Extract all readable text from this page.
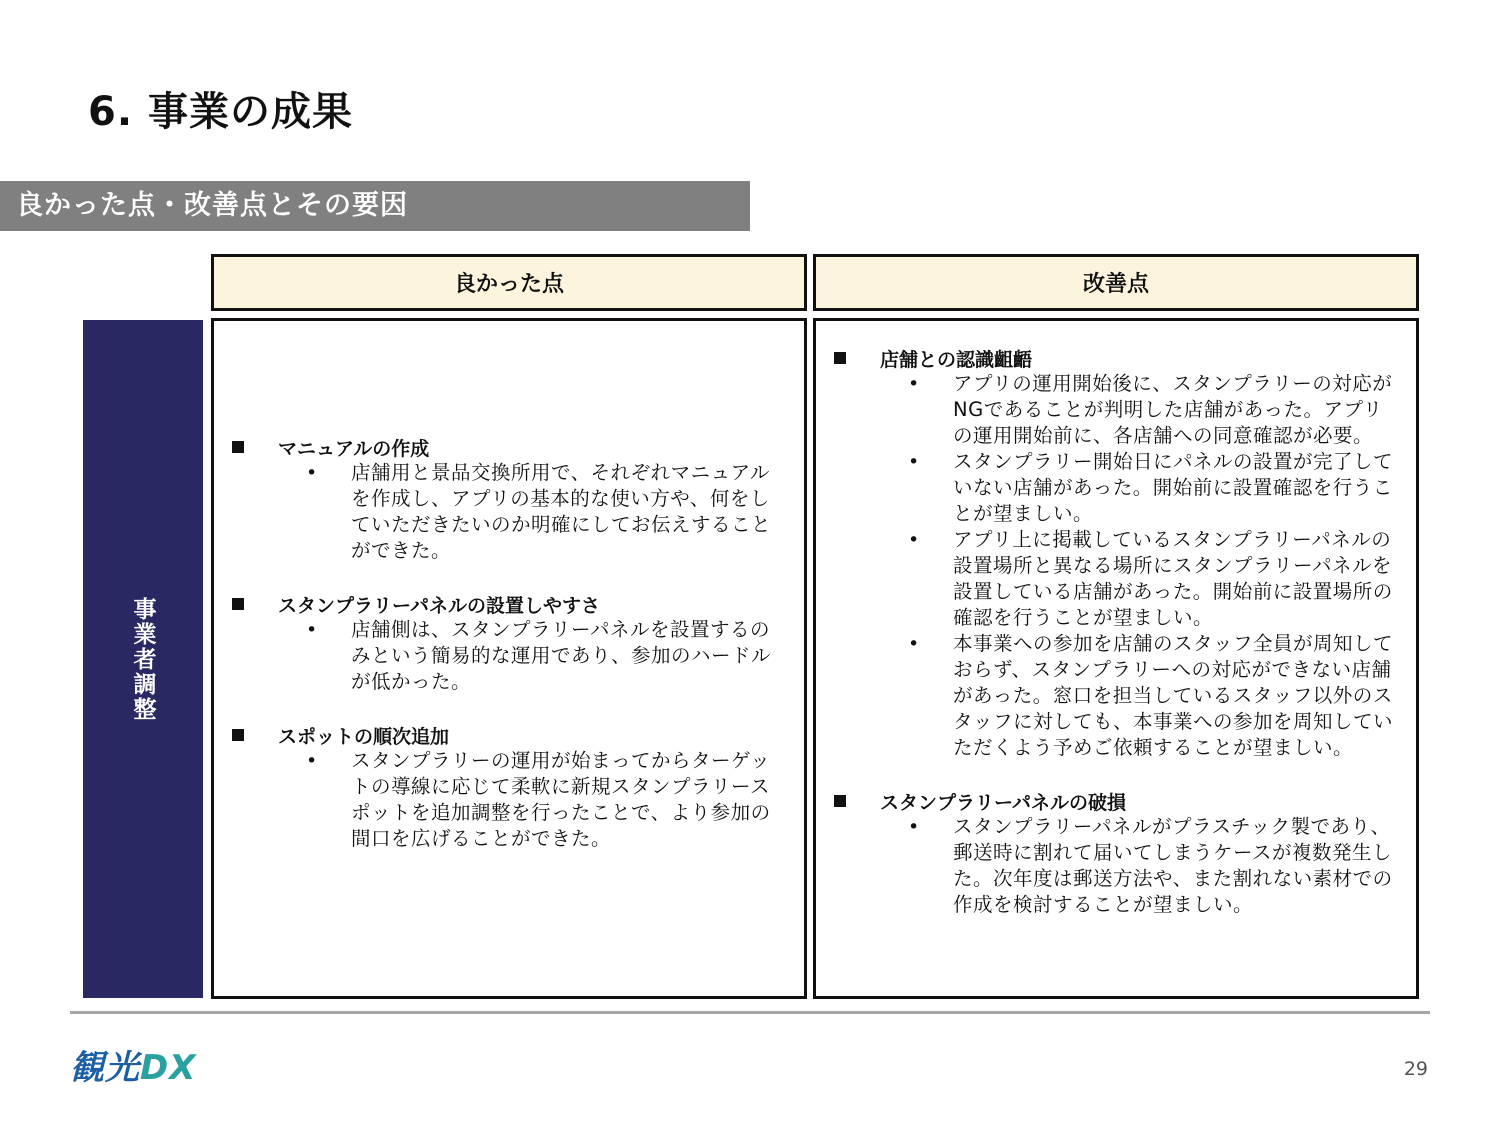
6. 事業の成果
良かった点・改善点とその要因
良かった点	改善点
事業者調整
マニュアルの作成
•	店舗用と景品交換所用で、それぞれマニュアルを作成し、アプリの基本的な使い方や、何をしていただきたいのか明確にしてお伝えすることができた。
スタンプラリーパネルの設置しやすさ
•	店舗側は、スタンプラリーパネルを設置するのみという簡易的な運用であり、参加のハードルが低かった。
スポットの順次追加
•	スタンプラリーの運用が始まってからターゲットの導線に応じて柔軟に新規スタンプラリースポットを追加調整を行ったことで、より参加の間口を広げることができた。
店舗との認識齟齬
•	アプリの運用開始後に、スタンプラリーの対応がNGであることが判明した店舗があった。アプリの運用開始前に、各店舗への同意確認が必要。
•	スタンプラリー開始日にパネルの設置が完了していない店舗があった。開始前に設置確認を行うことが望ましい。
•	アプリ上に掲載しているスタンプラリーパネルの設置場所と異なる場所にスタンプラリーパネルを設置している店舗があった。開始前に設置場所の確認を行うことが望ましい。
•	本事業への参加を店舗のスタッフ全員が周知しておらず、スタンプラリーへの対応ができない店舗があった。窓口を担当しているスタッフ以外のスタッフに対しても、本事業への参加を周知していただくよう予めご依頼することが望ましい。
スタンプラリーパネルの破損
•	スタンプラリーパネルがプラスチック製であり、郵送時に割れて届いてしまうケースが複数発生した。次年度は郵送方法や、また割れない素材での作成を検討することが望ましい。
観光DX	29
